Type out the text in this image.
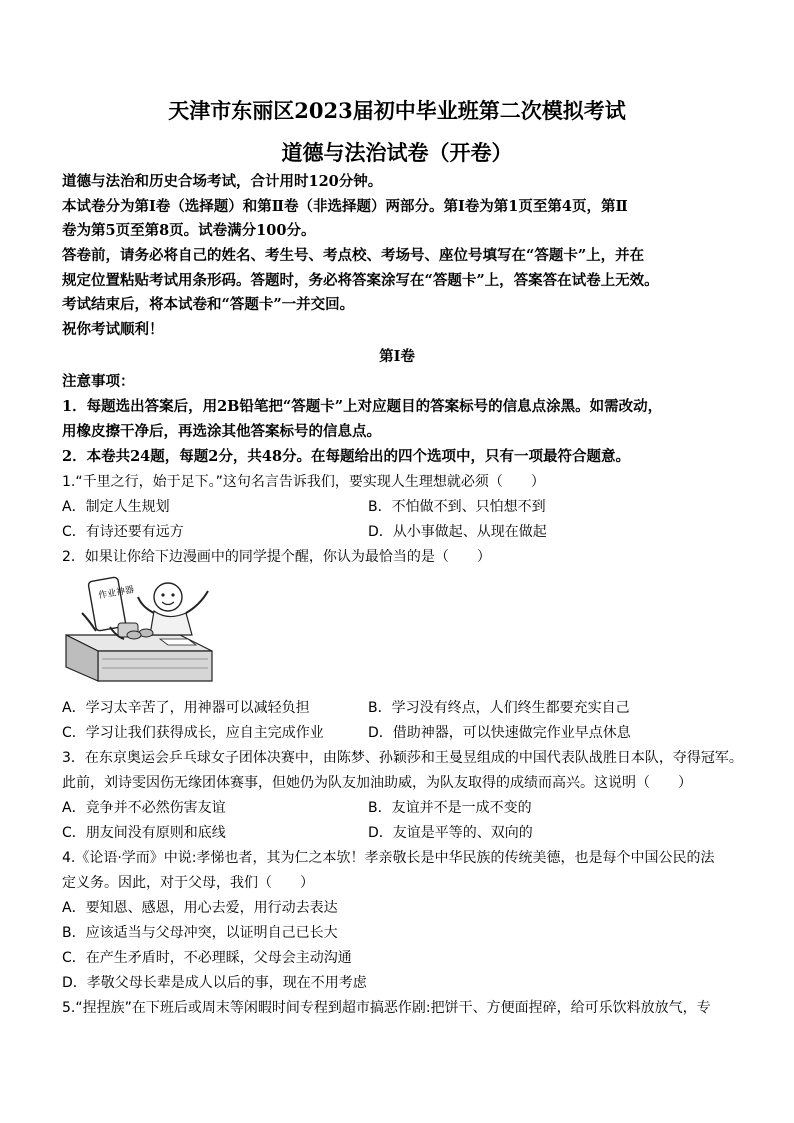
天津市东丽区2023届初中毕业班第二次模拟考试
道德与法治试卷（开卷）
道德与法治和历史合场考试，合计用时120分钟。
本试卷分为第Ⅰ卷（选择题）和第Ⅱ卷（非选择题）两部分。第Ⅰ卷为第1页至第4页，第Ⅱ
卷为第5页至第8页。试卷满分100分。
答卷前，请务必将自己的姓名、考生号、考点校、考场号、座位号填写在“答题卡”上，并在
规定位置粘贴考试用条形码。答题时，务必将答案涂写在“答题卡”上，答案答在试卷上无效。
考试结束后，将本试卷和“答题卡”一并交回。
祝你考试顺利！
第Ⅰ卷
注意事项：
1．每题选出答案后，用2B铅笔把“答题卡”上对应题目的答案标号的信息点涂黑。如需改动，
用橡皮擦干净后，再选涂其他答案标号的信息点。
2．本卷共24题，每题2分，共48分。在每题给出的四个选项中，只有一项最符合题意。
1.“千里之行，始于足下。”这句名言告诉我们，要实现人生理想就必须（　　）
A．制定人生规划	B．不怕做不到、只怕想不到
C．有诗还要有远方	D．从小事做起、从现在做起
2．如果让你给下边漫画中的同学提个醒，你认为最恰当的是（　　）
作业神器
A．学习太辛苦了，用神器可以减轻负担	B．学习没有终点，人们终生都要充实自己
C．学习让我们获得成长，应自主完成作业	D．借助神器，可以快速做完作业早点休息
3．在东京奥运会乒乓球女子团体决赛中，由陈梦、孙颖莎和王曼昱组成的中国代表队战胜日本队，夺得冠军。
此前，刘诗雯因伤无缘团体赛事，但她仍为队友加油助威，为队友取得的成绩而高兴。这说明（　　）
A．竞争并不必然伤害友谊	B．友谊并不是一成不变的
C．朋友间没有原则和底线	D．友谊是平等的、双向的
4.《论语·学而》中说:孝悌也者，其为仁之本欤！孝亲敬长是中华民族的传统美德，也是每个中国公民的法
定义务。因此，对于父母，我们（　　）
A．要知恩、感恩，用心去爱，用行动去表达
B．应该适当与父母冲突，以证明自己已长大
C．在产生矛盾时，不必理睬，父母会主动沟通
D．孝敬父母长辈是成人以后的事，现在不用考虑
5.“捏捏族”在下班后或周末等闲暇时间专程到超市搞恶作剧:把饼干、方便面捏碎，给可乐饮料放放气，专
